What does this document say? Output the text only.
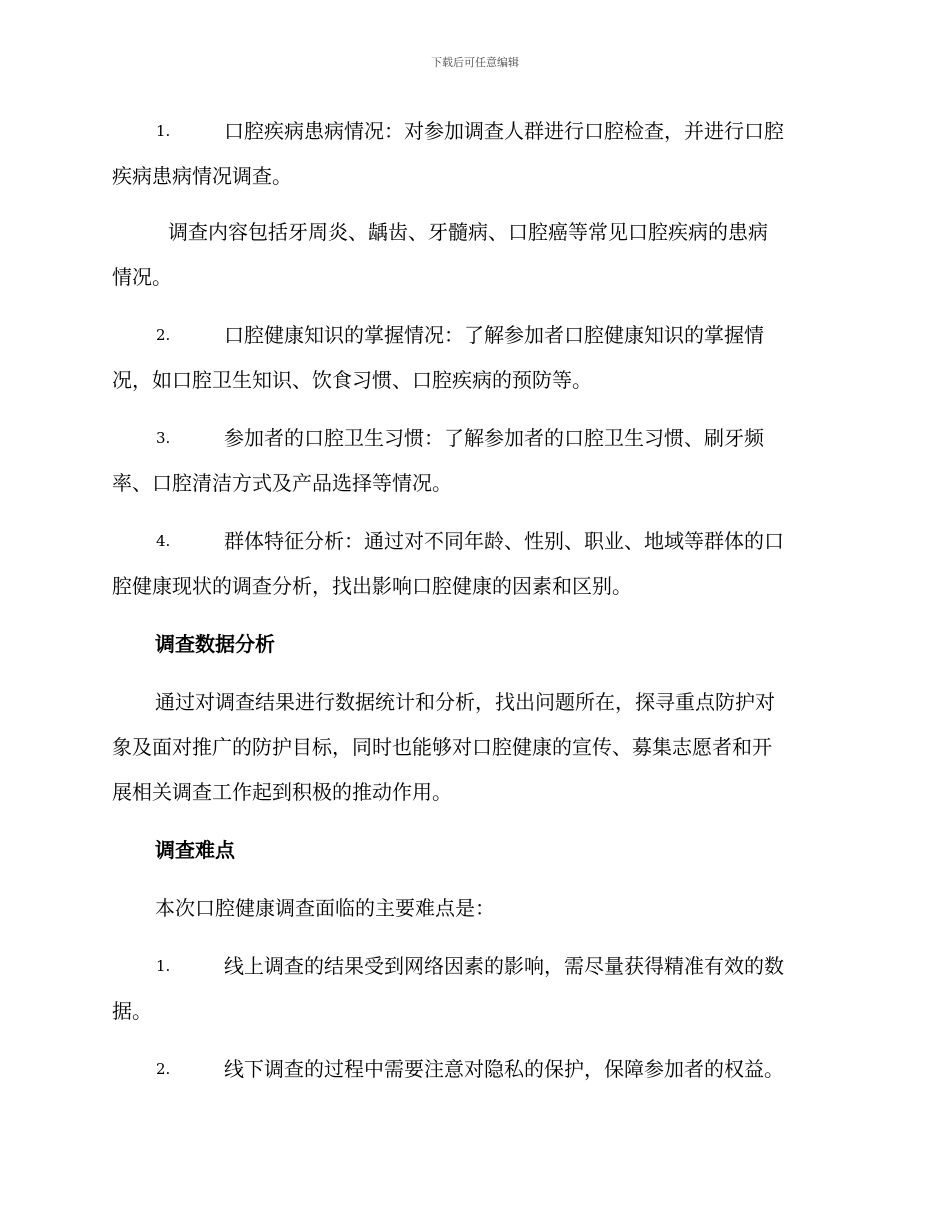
下载后可任意编辑
1.	口腔疾病患病情况：对参加调查人群进行口腔检查，并进行口腔
疾病患病情况调查。
调查内容包括牙周炎、龋齿、牙髓病、口腔癌等常见口腔疾病的患病
情况。
2.	口腔健康知识的掌握情况：了解参加者口腔健康知识的掌握情
况，如口腔卫生知识、饮食习惯、口腔疾病的预防等。
3.	参加者的口腔卫生习惯：了解参加者的口腔卫生习惯、刷牙频
率、口腔清洁方式及产品选择等情况。
4.	群体特征分析：通过对不同年龄、性别、职业、地域等群体的口
腔健康现状的调查分析，找出影响口腔健康的因素和区别。
调查数据分析
通过对调查结果进行数据统计和分析，找出问题所在，探寻重点防护对
象及面对推广的防护目标，同时也能够对口腔健康的宣传、募集志愿者和开
展相关调查工作起到积极的推动作用。
调查难点
本次口腔健康调查面临的主要难点是：
1.	线上调查的结果受到网络因素的影响，需尽量获得精准有效的数
据。
2.	线下调查的过程中需要注意对隐私的保护，保障参加者的权益。
